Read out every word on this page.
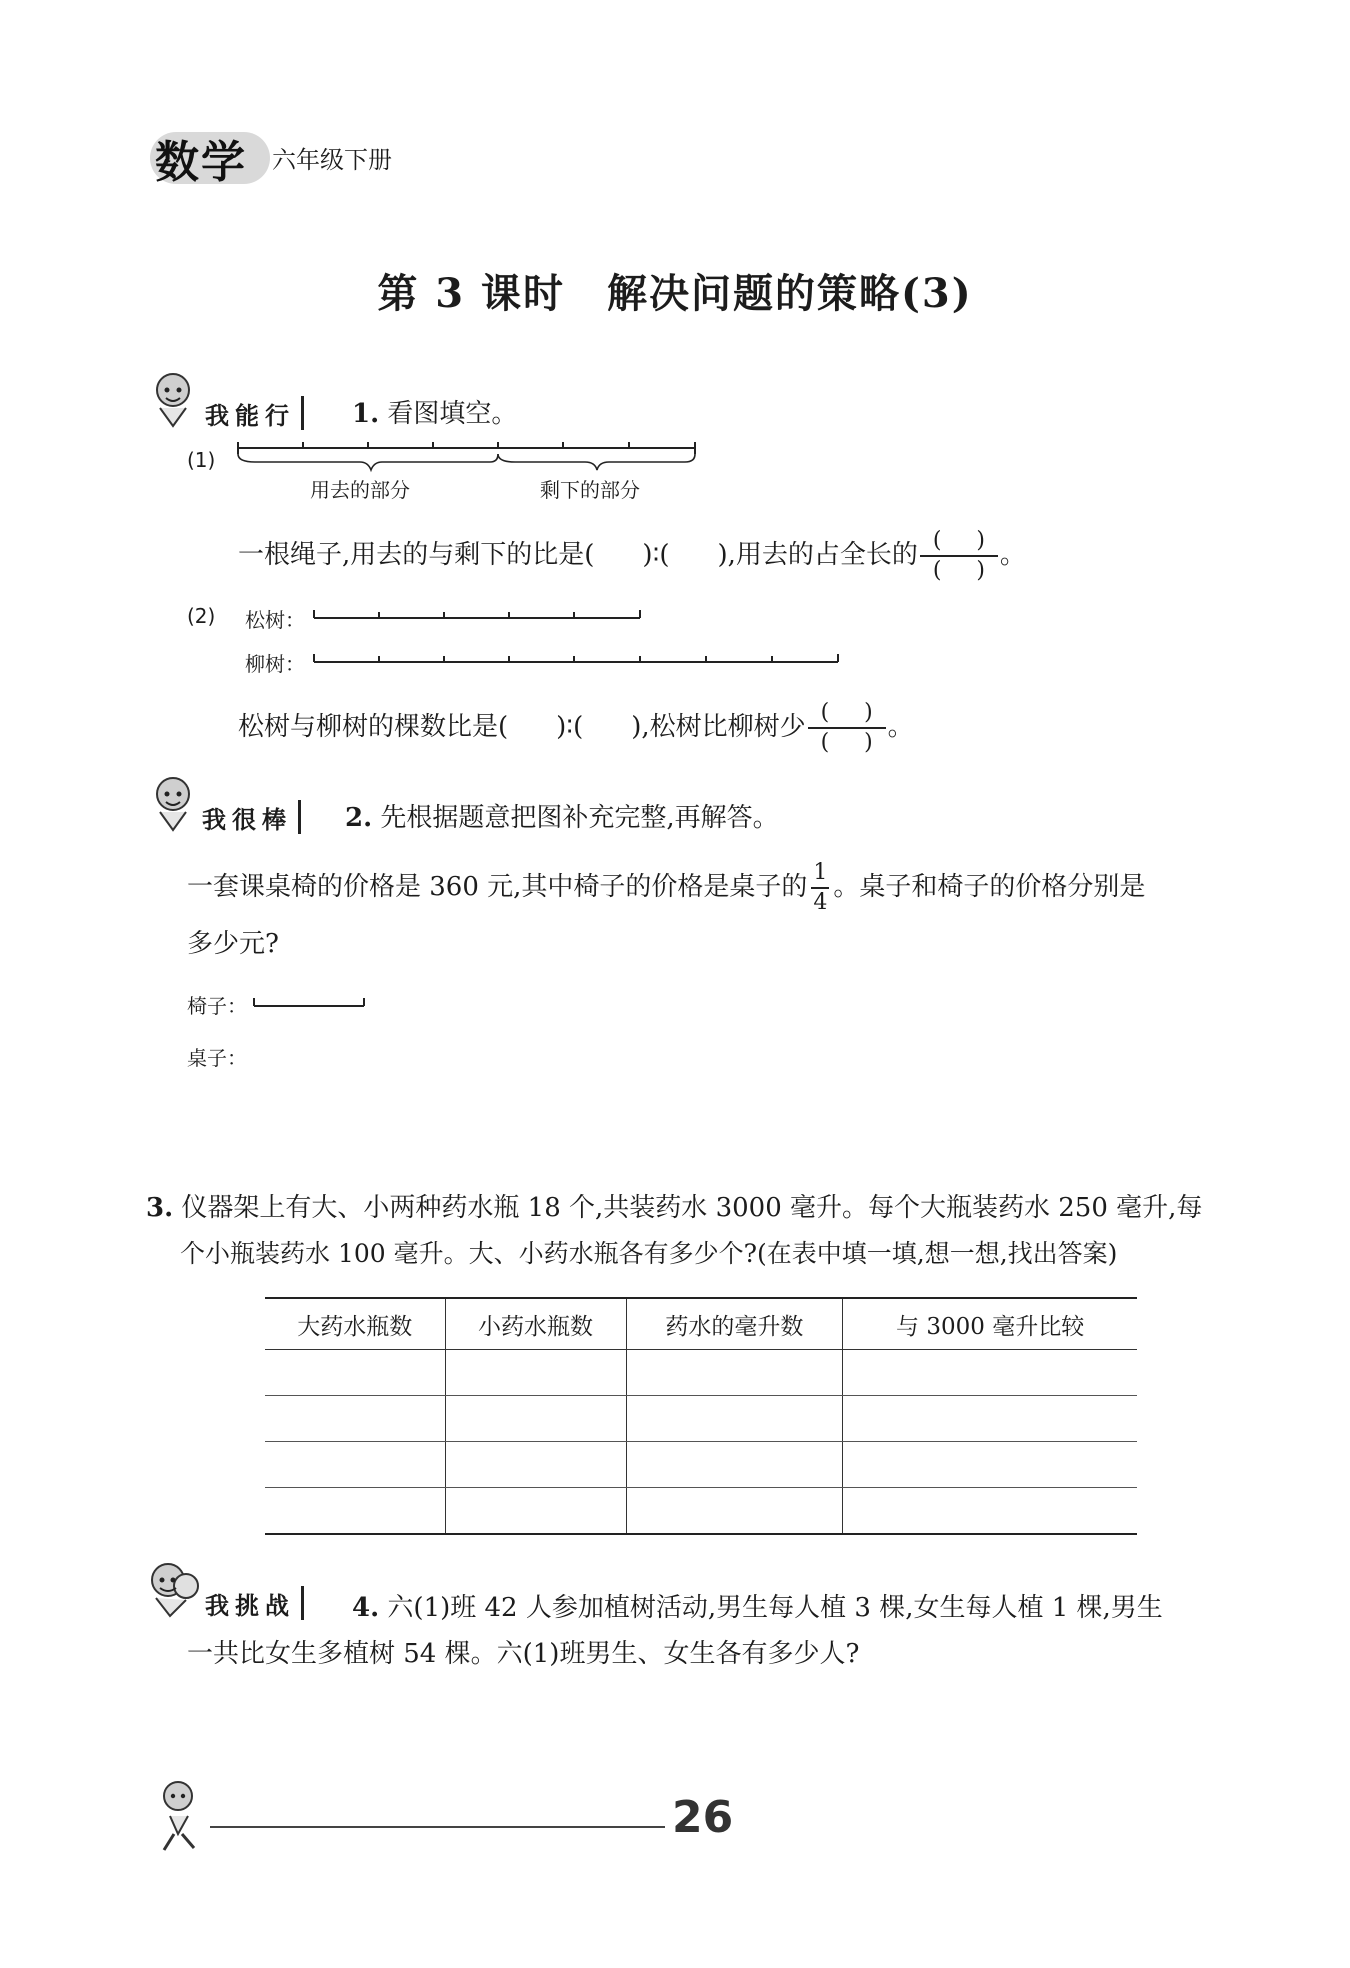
数学 六年级下册
第 3 课时　解决问题的策略(3)
我能行 1. 看图填空。
(1)
用去的部分	剩下的部分
一根绳子,用去的与剩下的比是( )∶( ),用去的占全长的 $\frac{( )}{( )}$ 。
(2) 松树：
柳树：
松树与柳树的棵数比是( )∶( ),松树比柳树少 $\frac{( )}{( )}$ 。
我很棒 2. 先根据题意把图补充完整,再解答。
一套课桌椅的价格是 360 元,其中椅子的价格是桌子的 $\frac{1}{4}$ 。桌子和椅子的价格分别是
多少元?
椅子：
桌子：
3. 仪器架上有大、小两种药水瓶 18 个,共装药水 3000 毫升。每个大瓶装药水 250 毫升,每
个小瓶装药水 100 毫升。大、小药水瓶各有多少个?(在表中填一填,想一想,找出答案)
大药水瓶数	小药水瓶数	药水的毫升数	与 3000 毫升比较

我挑战 4. 六(1)班 42 人参加植树活动,男生每人植 3 棵,女生每人植 1 棵,男生
一共比女生多植树 54 棵。六(1)班男生、女生各有多少人?
26
